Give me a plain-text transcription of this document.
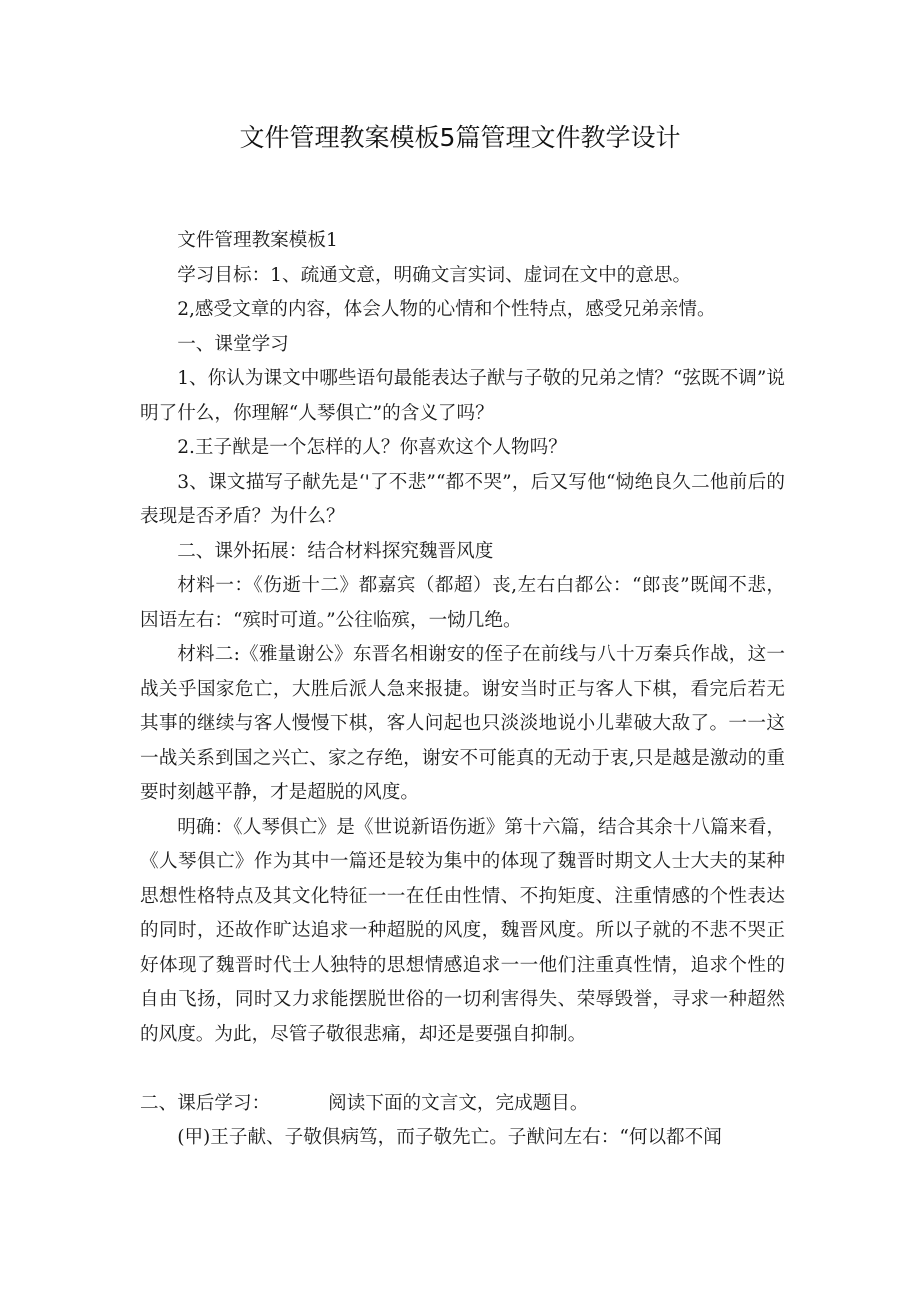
文件管理教案模板5篇管理文件教学设计

文件管理教案模板1

学习目标：1、疏通文意，明确文言实词、虚词在文中的意思。

2,感受文章的内容，体会人物的心情和个性特点，感受兄弟亲情。

一、课堂学习

1、你认为课文中哪些语句最能表达子猷与子敬的兄弟之情？“弦既不调”说明了什么，你理解“人琴俱亡”的含义了吗？

2.王子猷是一个怎样的人？你喜欢这个人物吗？

3、课文描写子献先是‘'了不悲”“都不哭”，后又写他“恸绝良久二他前后的表现是否矛盾？为什么？

二、课外拓展：结合材料探究魏晋风度

材料一：《伤逝十二》都嘉宾（都超）丧,左右白都公：“郎丧”既闻不悲，因语左右：“殡时可道。”公往临殡，一恸几绝。

材料二:《雅量谢公》东晋名相谢安的侄子在前线与八十万秦兵作战，这一战关乎国家危亡，大胜后派人急来报捷。谢安当时正与客人下棋，看完后若无其事的继续与客人慢慢下棋，客人问起也只淡淡地说小儿辈破大敌了。一一这一战关系到国之兴亡、家之存绝，谢安不可能真的无动于衷,只是越是激动的重要时刻越平静，才是超脱的风度。

明确：《人琴俱亡》是《世说新语伤逝》第十六篇，结合其余十八篇来看，《人琴俱亡》作为其中一篇还是较为集中的体现了魏晋时期文人士大夫的某种思想性格特点及其文化特征一一在任由性情、不拘矩度、注重情感的个性表达的同时，还故作旷达追求一种超脱的风度，魏晋风度。所以子就的不悲不哭正好体现了魏晋时代士人独特的思想情感追求一一他们注重真性情，追求个性的自由飞扬，同时又力求能摆脱世俗的一切利害得失、荣辱毁誉，寻求一种超然的风度。为此，尽管子敬很悲痛，却还是要强自抑制。

二、课后学习：	阅读下面的文言文，完成题目。

(甲)王子献、子敬俱病笃，而子敬先亡。子猷问左右：“何以都不闻
